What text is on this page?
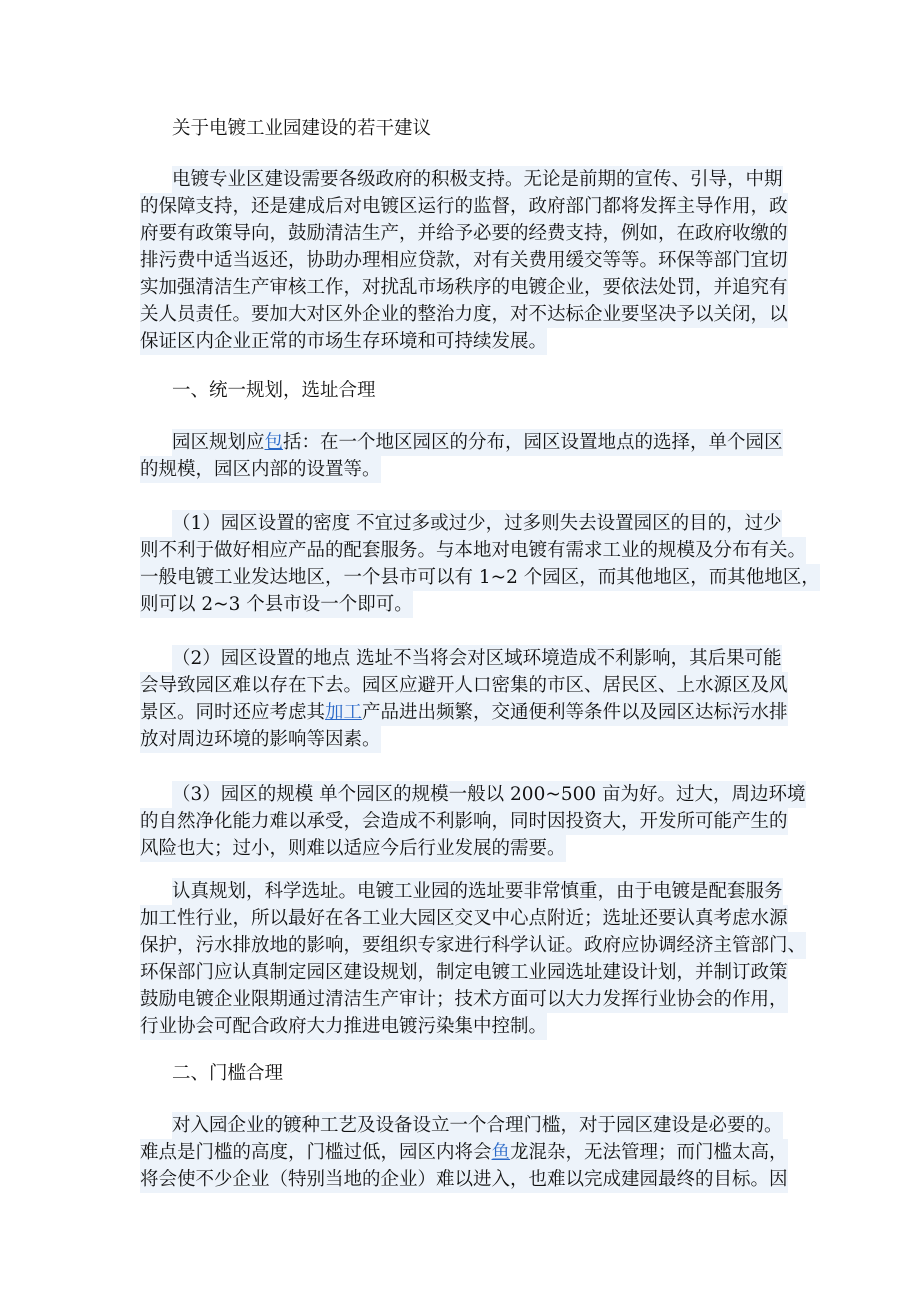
关于电镀工业园建设的若干建议
电镀专业区建设需要各级政府的积极支持。无论是前期的宣传、引导，中期
的保障支持，还是建成后对电镀区运行的监督，政府部门都将发挥主导作用，政
府要有政策导向，鼓励清洁生产，并给予必要的经费支持，例如，在政府收缴的
排污费中适当返还，协助办理相应贷款，对有关费用缓交等等。环保等部门宜切
实加强清洁生产审核工作，对扰乱市场秩序的电镀企业，要依法处罚，并追究有
关人员责任。要加大对区外企业的整治力度，对不达标企业要坚决予以关闭，以
保证区内企业正常的市场生存环境和可持续发展。
一、统一规划，选址合理
园区规划应包括：在一个地区园区的分布，园区设置地点的选择，单个园区
的规模，园区内部的设置等。
（1）园区设置的密度 不宜过多或过少，过多则失去设置园区的目的，过少
则不利于做好相应产品的配套服务。与本地对电镀有需求工业的规模及分布有关。
一般电镀工业发达地区，一个县市可以有 1~2 个园区，而其他地区，而其他地区，
则可以 2~3 个县市设一个即可。
（2）园区设置的地点 选址不当将会对区域环境造成不利影响，其后果可能
会导致园区难以存在下去。园区应避开人口密集的市区、居民区、上水源区及风
景区。同时还应考虑其加工产品进出频繁，交通便利等条件以及园区达标污水排
放对周边环境的影响等因素。
（3）园区的规模 单个园区的规模一般以 200~500 亩为好。过大，周边环境
的自然净化能力难以承受，会造成不利影响，同时因投资大，开发所可能产生的
风险也大；过小，则难以适应今后行业发展的需要。
认真规划，科学选址。电镀工业园的选址要非常慎重，由于电镀是配套服务
加工性行业，所以最好在各工业大园区交叉中心点附近；选址还要认真考虑水源
保护，污水排放地的影响，要组织专家进行科学认证。政府应协调经济主管部门、
环保部门应认真制定园区建设规划，制定电镀工业园选址建设计划，并制订政策
鼓励电镀企业限期通过清洁生产审计；技术方面可以大力发挥行业协会的作用，
行业协会可配合政府大力推进电镀污染集中控制。
二、门槛合理
对入园企业的镀种工艺及设备设立一个合理门槛，对于园区建设是必要的。
难点是门槛的高度，门槛过低，园区内将会鱼龙混杂，无法管理；而门槛太高，
将会使不少企业（特别当地的企业）难以进入，也难以完成建园最终的目标。因
